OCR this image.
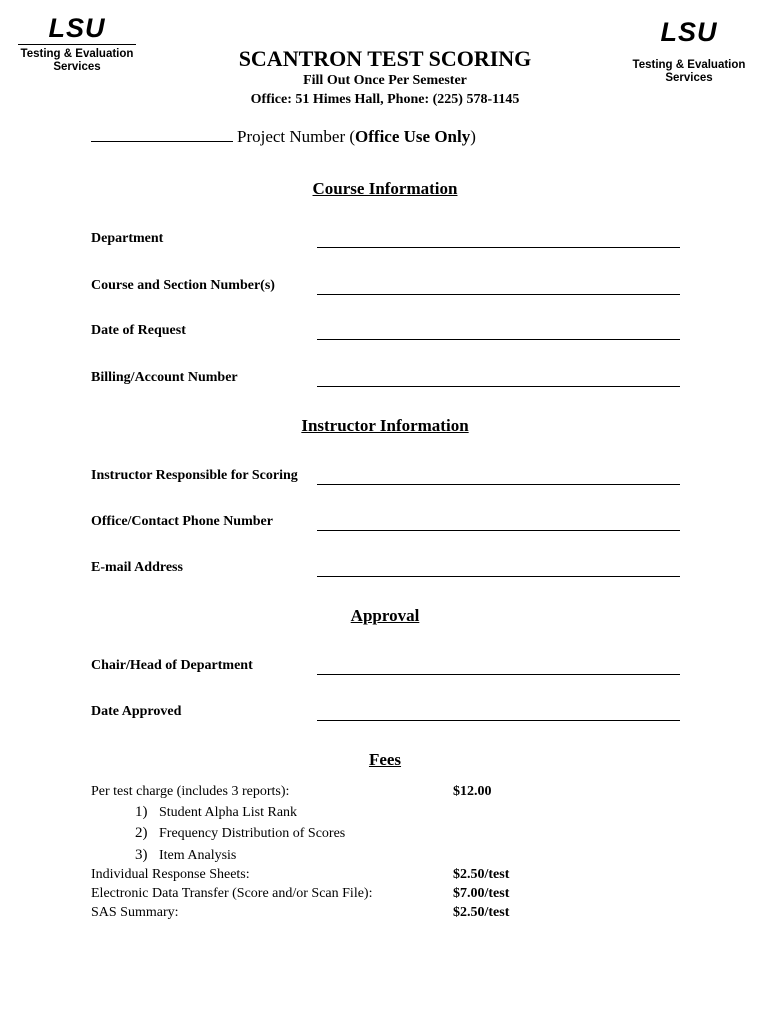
LSU
Testing & Evaluation
Services
LSU
Testing & Evaluation
Services
SCANTRON TEST SCORING
Fill Out Once Per Semester
Office: 51 Himes Hall, Phone: (225) 578-1145
Project Number (Office Use Only)
Course Information
Department
Course and Section Number(s)
Date of Request
Billing/Account Number
Instructor Information
Instructor Responsible for Scoring
Office/Contact Phone Number
E-mail Address
Approval
Chair/Head of Department
Date Approved
Fees
Per test charge (includes 3 reports):	$12.00
1) Student Alpha List Rank
2) Frequency Distribution of Scores
3) Item Analysis
Individual Response Sheets:	$2.50/test
Electronic Data Transfer (Score and/or Scan File):	$7.00/test
SAS Summary:	$2.50/test
